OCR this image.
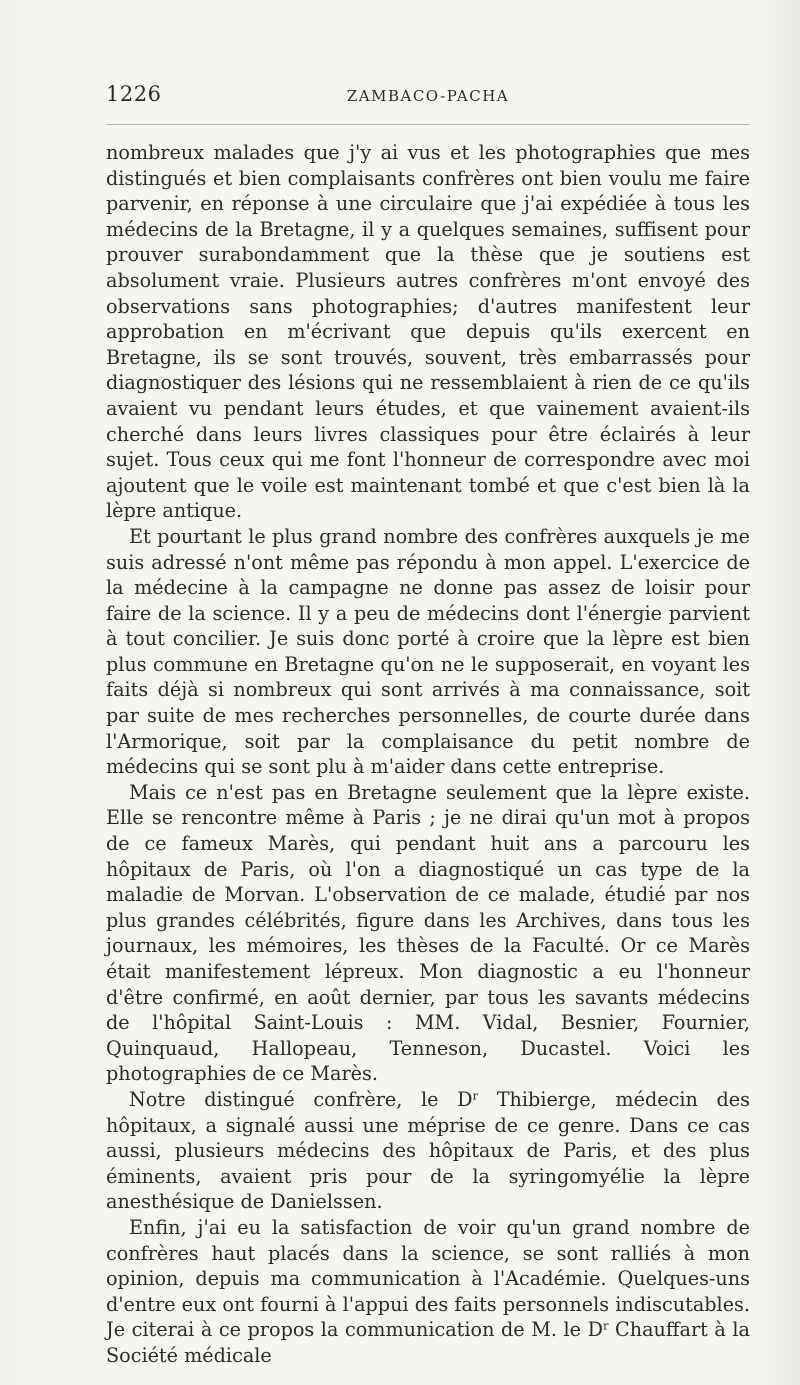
1226	ZAMBACO-PACHA

nombreux malades que j'y ai vus et les photographies que mes distingués et bien complaisants confrères ont bien voulu me faire parvenir, en réponse à une circulaire que j'ai expédiée à tous les médecins de la Bretagne, il y a quelques semaines, suffisent pour prouver surabondamment que la thèse que je soutiens est absolument vraie. Plusieurs autres confrères m'ont envoyé des observations sans photographies; d'autres manifestent leur approbation en m'écrivant que depuis qu'ils exercent en Bretagne, ils se sont trouvés, souvent, très embarrassés pour diagnostiquer des lésions qui ne ressemblaient à rien de ce qu'ils avaient vu pendant leurs études, et que vainement avaient-ils cherché dans leurs livres classiques pour être éclairés à leur sujet. Tous ceux qui me font l'honneur de correspondre avec moi ajoutent que le voile est maintenant tombé et que c'est bien là la lèpre antique.

Et pourtant le plus grand nombre des confrères auxquels je me suis adressé n'ont même pas répondu à mon appel. L'exercice de la médecine à la campagne ne donne pas assez de loisir pour faire de la science. Il y a peu de médecins dont l'énergie parvient à tout concilier. Je suis donc porté à croire que la lèpre est bien plus commune en Bretagne qu'on ne le supposerait, en voyant les faits déjà si nombreux qui sont arrivés à ma connaissance, soit par suite de mes recherches personnelles, de courte durée dans l'Armorique, soit par la complaisance du petit nombre de médecins qui se sont plu à m'aider dans cette entreprise.

Mais ce n'est pas en Bretagne seulement que la lèpre existe. Elle se rencontre même à Paris ; je ne dirai qu'un mot à propos de ce fameux Marès, qui pendant huit ans a parcouru les hôpitaux de Paris, où l'on a diagnostiqué un cas type de la maladie de Morvan. L'observation de ce malade, étudié par nos plus grandes célébrités, figure dans les Archives, dans tous les journaux, les mémoires, les thèses de la Faculté. Or ce Marès était manifestement lépreux. Mon diagnostic a eu l'honneur d'être confirmé, en août dernier, par tous les savants médecins de l'hôpital Saint-Louis : MM. Vidal, Besnier, Fournier, Quinquaud, Hallopeau, Tenneson, Ducastel. Voici les photographies de ce Marès.

Notre distingué confrère, le $D^r$ Thibierge, médecin des hôpitaux, a signalé aussi une méprise de ce genre. Dans ce cas aussi, plusieurs médecins des hôpitaux de Paris, et des plus éminents, avaient pris pour de la syringomyélie la lèpre anesthésique de Danielssen.

Enfin, j'ai eu la satisfaction de voir qu'un grand nombre de confrères haut placés dans la science, se sont ralliés à mon opinion, depuis ma communication à l'Académie. Quelques-uns d'entre eux ont fourni à l'appui des faits personnels indiscutables. Je citerai à ce propos la communication de M. le $D^r$ Chauffart à la Société médicale
